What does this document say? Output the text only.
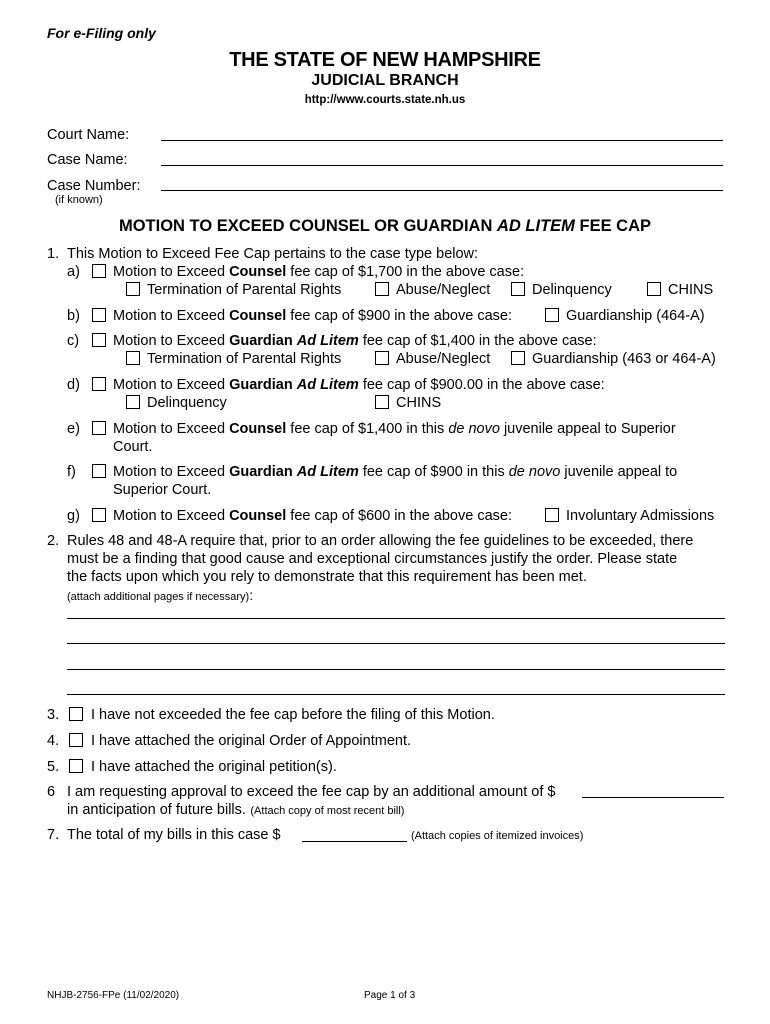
For e-Filing only
THE STATE OF NEW HAMPSHIRE
JUDICIAL BRANCH
http://www.courts.state.nh.us
Court Name:
Case Name:
Case Number:
(if known)
MOTION TO EXCEED COUNSEL OR GUARDIAN AD LITEM FEE CAP
1. This Motion to Exceed Fee Cap pertains to the case type below:
a) Motion to Exceed Counsel fee cap of $1,700 in the above case:
Termination of Parental Rights	Abuse/Neglect	Delinquency	CHINS
b) Motion to Exceed Counsel fee cap of $900 in the above case:	Guardianship (464-A)
c) Motion to Exceed Guardian Ad Litem fee cap of $1,400 in the above case:
Termination of Parental Rights	Abuse/Neglect	Guardianship (463 or 464-A)
d) Motion to Exceed Guardian Ad Litem fee cap of $900.00 in the above case:
Delinquency	CHINS
e) Motion to Exceed Counsel fee cap of $1,400 in this de novo juvenile appeal to Superior
Court.
f)	Motion to Exceed Guardian Ad Litem fee cap of $900 in this de novo juvenile appeal to
Superior Court.
g) Motion to Exceed Counsel fee cap of $600 in the above case:	Involuntary Admissions
2. Rules 48 and 48-A require that, prior to an order allowing the fee guidelines to be exceeded, there
must be a finding that good cause and exceptional circumstances justify the order. Please state
the facts upon which you rely to demonstrate that this requirement has been met.
(attach additional pages if necessary):
3. I have not exceeded the fee cap before the filing of this Motion.
4. I have attached the original Order of Appointment.
5. I have attached the original petition(s).
6 I am requesting approval to exceed the fee cap by an additional amount of $
in anticipation of future bills. (Attach copy of most recent bill)
7. The total of my bills in this case $	(Attach copies of itemized invoices)
NHJB-2756-FPe (11/02/2020)	Page 1 of 3
